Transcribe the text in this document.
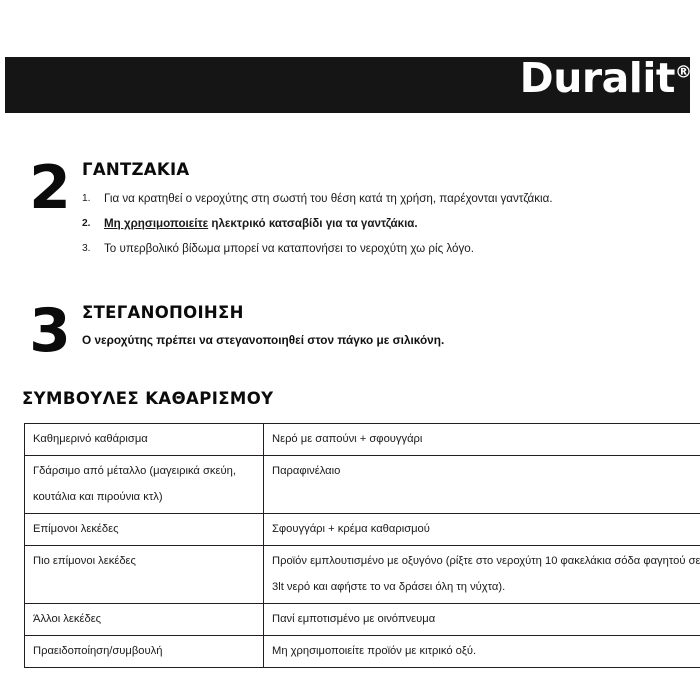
Duralit®
2 ΓΑΝΤΖΑΚΙΑ
1. Για να κρατηθεί ο νεροχύτης στη σωστή του θέση κατά τη χρήση, παρέχονται γαντζάκια.
2. Μη χρησιμοποιείτε ηλεκτρικό κατσαβίδι για τα γαντζάκια.
3. Το υπερβολικό βίδωμα μπορεί να καταπονήσει το νεροχύτη χω ρίς λόγο.
3 ΣΤΕΓΑΝΟΠΟΙΗΣΗ

Ο νεροχύτης πρέπει να στεγανοποιηθεί στον πάγκο με σιλικόνη.

ΣΥΜΒΟΥΛΕΣ ΚΑΘΑΡΙΣΜΟΥ
Καθημερινό καθάρισμα	Νερό με σαπούνι + σφουγγάρι
Γδάρσιμο από μέταλλο (μαγειρικά σκεύη, κουτάλια και πιρούνια κτλ)	Παραφινέλαιο
Επίμονοι λεκέδες	Σφουγγάρι + κρέμα καθαρισμού
Πιο επίμονοι λεκέδες	Προϊόν εμπλουτισμένο με οξυγόνο (ρίξτε στο νεροχύτη 10 φακελάκια σόδα φαγητού σε 3lt νερό και αφήστε το να δράσει όλη τη νύχτα).
Άλλοι λεκέδες	Πανί εμποτισμένο με οινόπνευμα
Πραειδοποίηση/συμβουλή	Μη χρησιμοποιείτε προϊόν με κιτρικό οξύ.
